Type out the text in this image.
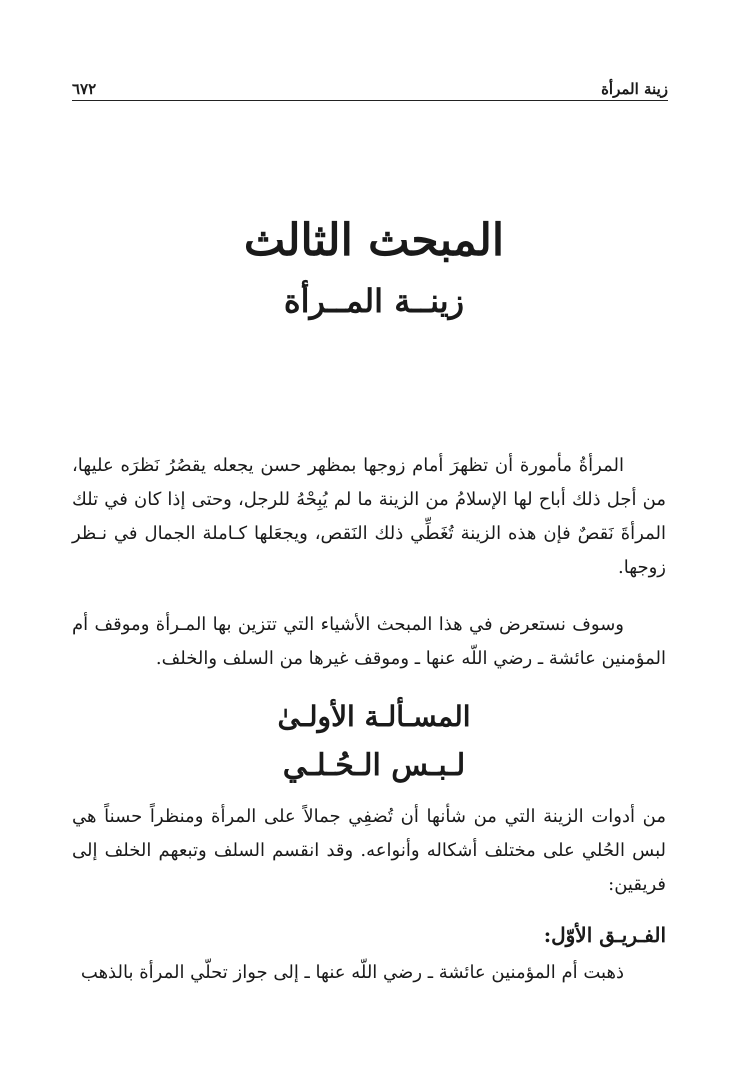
زينة المرأة
٦٧٢
المبحث الثالث
زينــة المــرأة

المرأةُ مأمورة أن تظهرَ أمام زوجها بمظهر حسن يجعله يقصُرُ نَظرَه عليها، من أجل ذلك أباح لها الإسلامُ من الزينة ما لم يُبِحْهُ للرجل، وحتى إذا كان في تلك المرأةَ نَقصٌ فإن هذه الزينة تُغَطِّي ذلك النَقص، ويجعَلها كـاملة الجمال في نـظر زوجها.

وسوف نستعرض في هذا المبحث الأشياء التي تتزين بها المـرأة وموقف أم المؤمنين عائشة ـ رضي اللّه عنها ـ وموقف غيرها من السلف والخلف.

المسـألـة الأولـىٰ
لـبـس الـحُـلـي

من أدوات الزينة التي من شأنها أن تُضفِي جمالاً على المرأة ومنظراً حسناً هي لبس الحُلي على مختلف أشكاله وأنواعه. وقد انقسم السلف وتبعهم الخلف إلى فريقين:

الفـريـق الأوّل:

ذهبت أم المؤمنين عائشة ـ رضي اللّه عنها ـ إلى جواز تحلّي المرأة بالذهب
